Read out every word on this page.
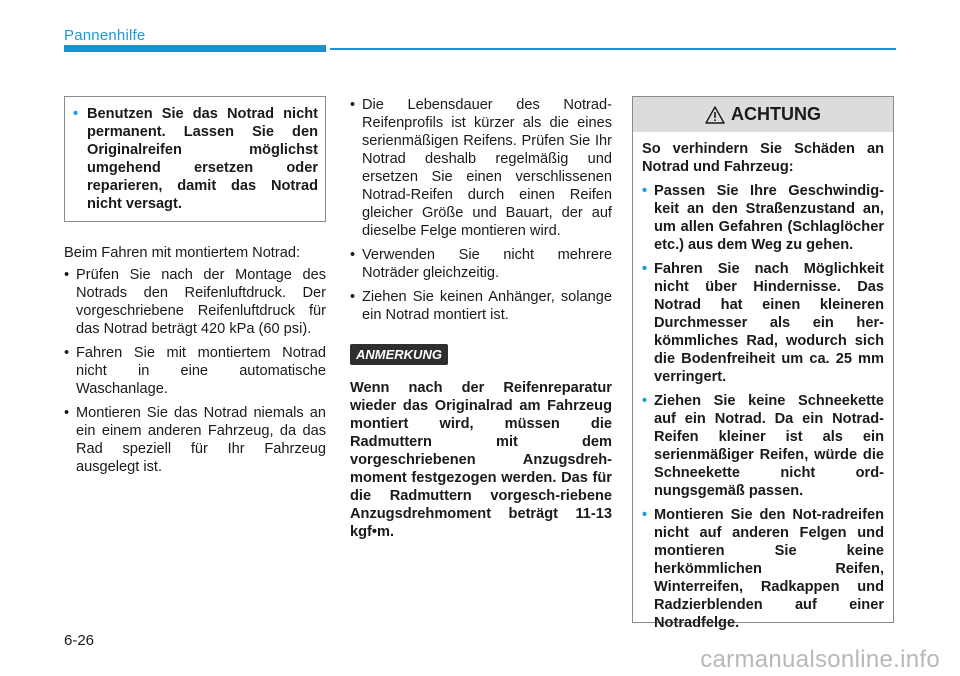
Pannenhilfe
• Benutzen Sie das Notrad nicht permanent. Lassen Sie den Originalreifen möglichst umgehend ersetzen oder reparieren, damit das Notrad nicht versagt.

Beim Fahren mit montiertem Notrad:

• Prüfen Sie nach der Montage des Notrads den Reifenluftdruck. Der vorgeschriebene Reifenluftdruck für das Notrad beträgt 420 kPa (60 psi).
• Fahren Sie mit montiertem Notrad nicht in eine automatische Waschanlage.
• Montieren Sie das Notrad niemals an ein einem anderen Fahrzeug, da das Rad speziell für Ihr Fahrzeug ausgelegt ist.
• Die Lebensdauer des Notrad-Reifenprofils ist kürzer als die eines serienmäßigen Reifens. Prüfen Sie Ihr Notrad deshalb regelmäßig und ersetzen Sie einen verschlissenen Notrad-Reifen durch einen Reifen gleicher Größe und Bauart, der auf dieselbe Felge montieren wird.
• Verwenden Sie nicht mehrere Noträder gleichzeitig.
• Ziehen Sie keinen Anhänger, solange ein Notrad montiert ist.
ANMERKUNG
Wenn nach der Reifenreparatur wieder das Originalrad am Fahrzeug montiert wird, müssen die Radmuttern mit dem vorgeschriebenen Anzugsdreh-moment festgezogen werden. Das für die Radmuttern vorgesch-riebene Anzugsdrehmoment beträgt 11-13 kgf•m.
ACHTUNG

So verhindern Sie Schäden an Notrad und Fahrzeug:

• Passen Sie Ihre Geschwindig-keit an den Straßenzustand an, um allen Gefahren (Schlaglöcher etc.) aus dem Weg zu gehen.
• Fahren Sie nach Möglichkeit nicht über Hindernisse. Das Notrad hat einen kleineren Durchmesser als ein her-kömmliches Rad, wodurch sich die Bodenfreiheit um ca. 25 mm verringert.
• Ziehen Sie keine Schneekette auf ein Notrad. Da ein Notrad-Reifen kleiner ist als ein serienmäßiger Reifen, würde die Schneekette nicht ord-nungsgemäß passen.
• Montieren Sie den Not-radreifen nicht auf anderen Felgen und montieren Sie keine herkömmlichen Reifen, Winterreifen, Radkappen und Radzierblenden auf einer Notradfelge.
6-26
carmanualsonline.info
